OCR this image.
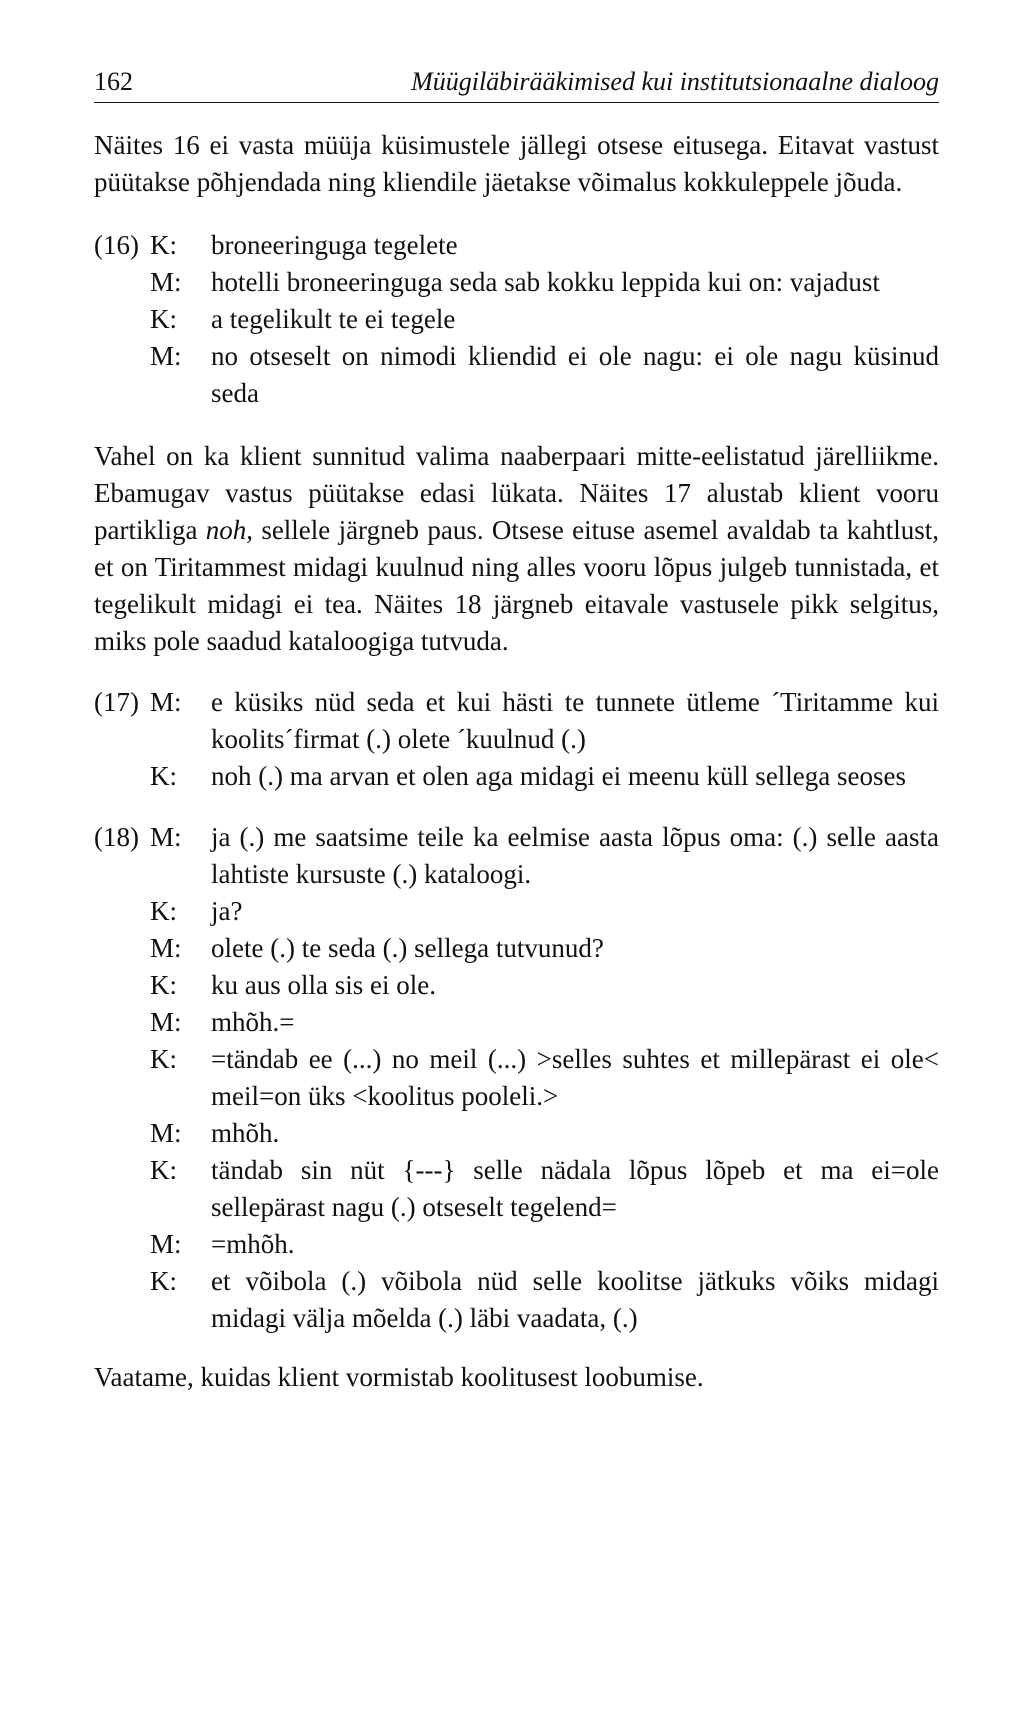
162	Müügiläbirääkimised kui institutsionaalne dialoog

Näites 16 ei vasta müüja küsimustele jällegi otsese eitusega. Eitavat vastust püütakse põhjendada ning kliendile jäetakse võimalus kokkuleppele jõuda.

(16) K:	broneeringuga tegelete
M:	hotelli broneeringuga seda sab kokku leppida kui on: vajadust
K:	a tegelikult te ei tegele
M:	no otseselt on nimodi kliendid ei ole nagu: ei ole nagu küsinud seda

Vahel on ka klient sunnitud valima naaberpaari mitte-eelistatud järelliikme. Ebamugav vastus püütakse edasi lükata. Näites 17 alustab klient vooru partikliga noh, sellele järgneb paus. Otsese eituse asemel avaldab ta kahtlust, et on Tiritammest midagi kuulnud ning alles vooru lõpus julgeb tunnistada, et tegelikult midagi ei tea. Näites 18 järgneb eitavale vastusele pikk selgitus, miks pole saadud kataloogiga tutvuda.

(17) M:	e küsiks nüd seda et kui hästi te tunnete ütleme ´Tiritamme kui koolits´firmat (.) olete ´kuulnud (.)
K:	noh (.) ma arvan et olen aga midagi ei meenu küll sellega seoses
(18) M:	ja (.) me saatsime teile ka eelmise aasta lõpus oma: (.) selle aasta lahtiste kursuste (.) kataloogi.
K:	ja?
M:	olete (.) te seda (.) sellega tutvunud?
K:	ku aus olla sis ei ole.
M:	mhõh.=
K:	=tändab ee (...) no meil (...) >selles suhtes et millepärast ei ole< meil=on üks <koolitus pooleli.>
M:	mhõh.
K:	tändab sin nüt {---} selle nädala lõpus lõpeb et ma ei=ole sellepärast nagu (.) otseselt tegelend=
M:	=mhõh.
K:	et võibola (.) võibola nüd selle koolitse jätkuks võiks midagi midagi välja mõelda (.) läbi vaadata, (.)

Vaatame, kuidas klient vormistab koolitusest loobumise.
